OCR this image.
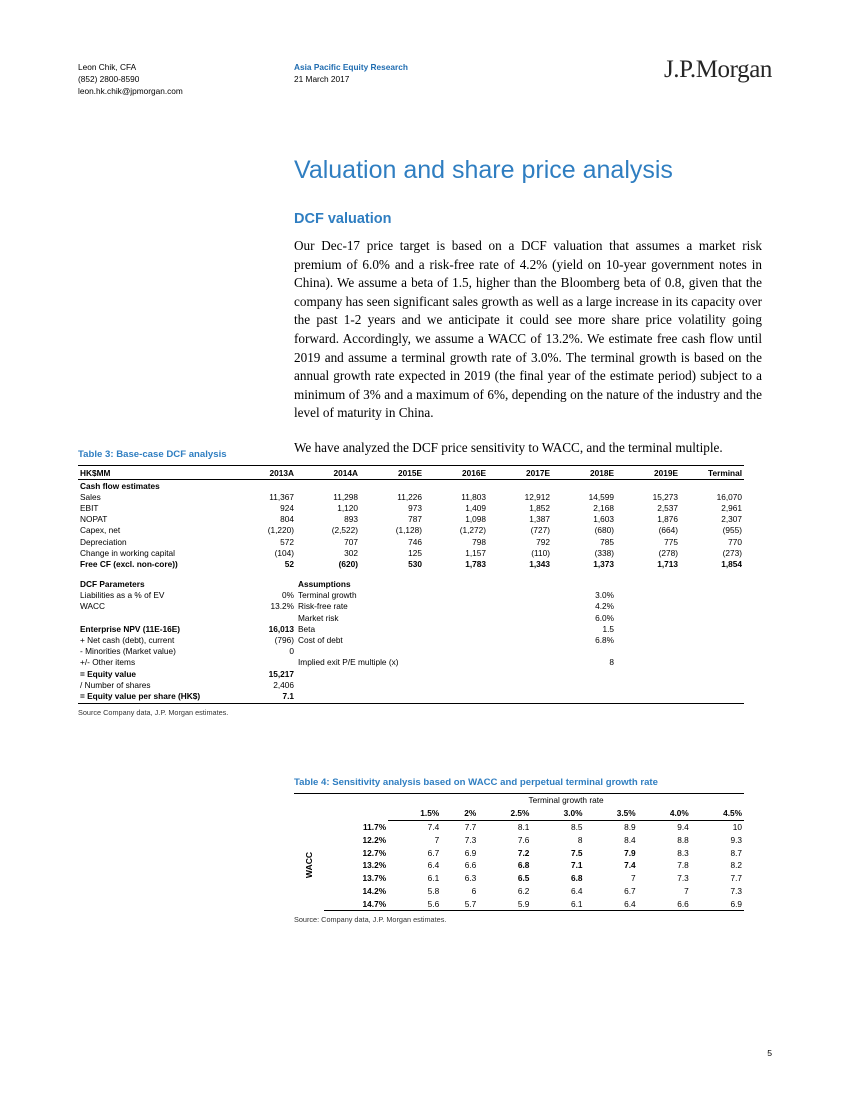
Leon Chik, CFA
(852) 2800-8590
leon.hk.chik@jpmorgan.com
Asia Pacific Equity Research
21 March 2017	J.P.Morgan
Valuation and share price analysis
DCF valuation

Our Dec-17 price target is based on a DCF valuation that assumes a market risk premium of 6.0% and a risk-free rate of 4.2% (yield on 10-year government notes in China). We assume a beta of 1.5, higher than the Bloomberg beta of 0.8, given that the company has seen significant sales growth as well as a large increase in its capacity over the past 1-2 years and we anticipate it could see more share price volatility going forward. Accordingly, we assume a WACC of 13.2%. We estimate free cash flow until 2019 and assume a terminal growth rate of 3.0%. The terminal growth is based on the annual growth rate expected in 2019 (the final year of the estimate period) subject to a minimum of 3% and a maximum of 6%, depending on the nature of the industry and the level of maturity in China.

We have analyzed the DCF price sensitivity to WACC, and the terminal multiple.

Table 3: Base-case DCF analysis
HK$MM	2013A	2014A	2015E	2016E	2017E	2018E	2019E	Terminal
Cash flow estimates								
Sales	11,367	11,298	11,226	11,803	12,912	14,599	15,273	16,070
EBIT	924	1,120	973	1,409	1,852	2,168	2,537	2,961
NOPAT	804	893	787	1,098	1,387	1,603	1,876	2,307
Capex, net	(1,220)	(2,522)	(1,128)	(1,272)	(727)	(680)	(664)	(955)
Depreciation	572	707	746	798	792	785	775	770
Change in working capital	(104)	302	125	1,157	(110)	(338)	(278)	(273)
Free CF (excl. non-core))	52	(620)	530	1,783	1,343	1,373	1,713	1,854

DCF Parameters		Assumptions						
Liabilities as a % of EV	0%	Terminal growth			3.0%			
WACC	13.2%	Risk-free rate			4.2%			
		Market risk			6.0%			
Enterprise NPV (11E-16E)	16,013	Beta			1.5			
+ Net cash (debt), current	(796)	Cost of debt			6.8%			
- Minorities (Market value)	0							
+/- Other items		Implied exit P/E multiple (x)			8			
= Equity value	15,217							
/ Number of shares	2,406							
= Equity value per share (HK$)	7.1							
Source Company data, J.P. Morgan estimates.
Table 4: Sensitivity analysis based on WACC and perpetual terminal growth rate
		Terminal growth rate						
		1.5%	2%	2.5%	3.0%	3.5%	4.0%	4.5%
WACC	11.7%	7.4	7.7	8.1	8.5	8.9	9.4	10
	12.2%	7	7.3	7.6	8	8.4	8.8	9.3
	12.7%	6.7	6.9	7.2	7.5	7.9	8.3	8.7
	13.2%	6.4	6.6	6.8	7.1	7.4	7.8	8.2
	13.7%	6.1	6.3	6.5	6.8	7	7.3	7.7
	14.2%	5.8	6	6.2	6.4	6.7	7	7.3
	14.7%	5.6	5.7	5.9	6.1	6.4	6.6	6.9
Source: Company data, J.P. Morgan estimates.
5
